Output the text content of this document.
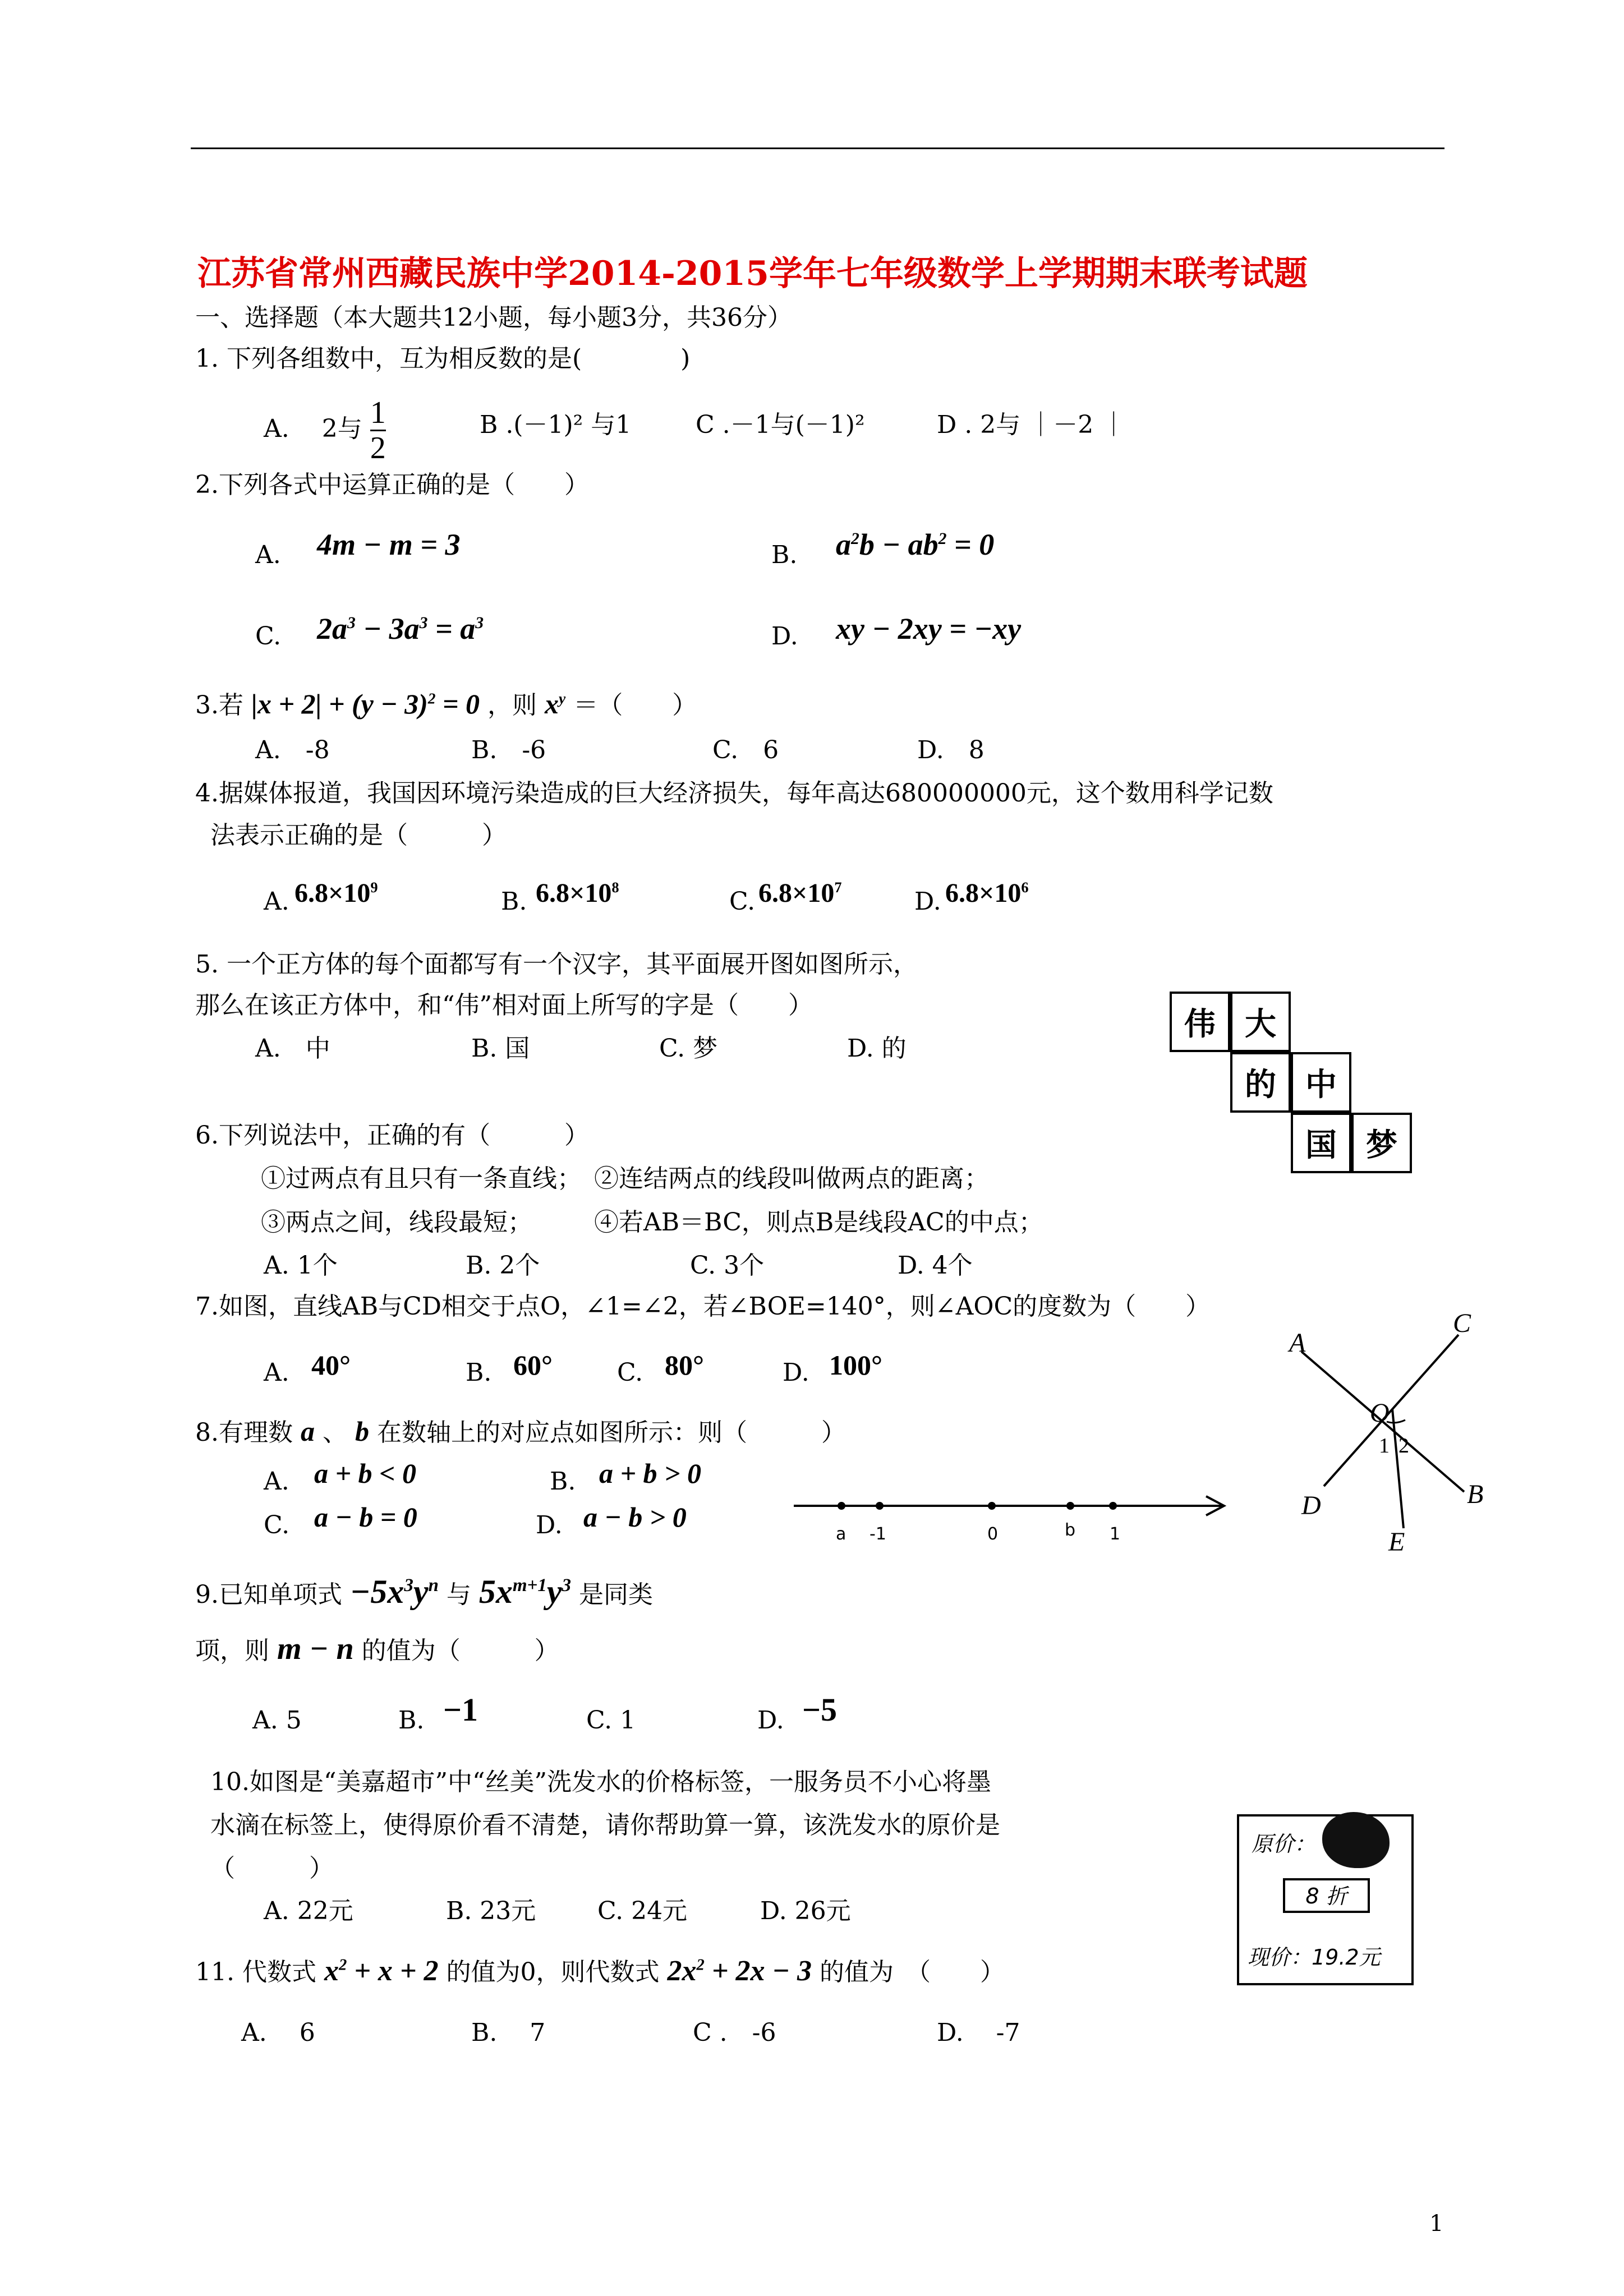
江苏省常州西藏民族中学2014-2015学年七年级数学上学期期末联考试题
一、选择题（本大题共12小题，每小题3分，共36分）
1. 下列各组数中，互为相反数的是(　　　　)
A.　 2与 $\frac{1}{2}$	B .(－1)² 与1	C .－1与(－1)²	D . 2与 ｜－2 ｜
2.下列各式中运算正确的是（　　）
A. 4m − m = 3	B. $a^2b - ab^2 = 0$
C. $2a^3 - 3a^3 = a^3$	D. xy − 2xy = −xy
3.若 $|x + 2| + (y - 3)^2 = 0$ ，则 $x^y$ ＝（　　）
A.　-8	B.　-6	C.　6	D.　8
4.据媒体报道，我国因环境污染造成的巨大经济损失，每年高达680000000元，这个数用科学记数
法表示正确的是（　　　）
A. $6.8\times 10^9$	B. $6.8\times 10^8$	C. $6.8\times 10^7$	D. $6.8\times 10^6$
5. 一个正方体的每个面都写有一个汉字，其平面展开图如图所示，
那么在该正方体中，和“伟”相对面上所写的字是（　　）
A.　中	B. 国	C. 梦	D. 的
伟 大
的 中
国 梦
6.下列说法中，正确的有（　　　）
①过两点有且只有一条直线；　②连结两点的线段叫做两点的距离；
③两点之间，线段最短；　　　④若AB＝BC，则点B是线段AC的中点；
A. 1个	B. 2个	C. 3个	D. 4个
7.如图，直线AB与CD相交于点O，∠1=∠2，若∠BOE=140°，则∠AOC的度数为（　　）
A. 40°	B. 60°	C. 80°	D. 100°
A
C
O
1 2
D	B
E
8.有理数 a 、 b 在数轴上的对应点如图所示：则（　　　）
A. a + b < 0	B. a + b > 0
C. a − b = 0	D. a − b > 0
a -1	0	b 1
9.已知单项式 $-5x^3y^n$ 与 $5x^{m+1}y^3$ 是同类
项，则 m − n 的值为（　　　）
A. 5	B. −1	C. 1	D. −5
10.如图是“美嘉超市”中“丝美”洗发水的价格标签，一服务员不小心将墨
水滴在标签上，使得原价看不清楚，请你帮助算一算，该洗发水的原价是
（　　　）
A. 22元	B. 23元 C. 24元	D. 26元
原价：
8 折
现价：19.2元
11. 代数式 $x^2 + x + 2$ 的值为0，则代数式 $2x^2 + 2x - 3$ 的值为　（　　）
A.　 6	B.　 7	C .　-6	D.　 -7
1
